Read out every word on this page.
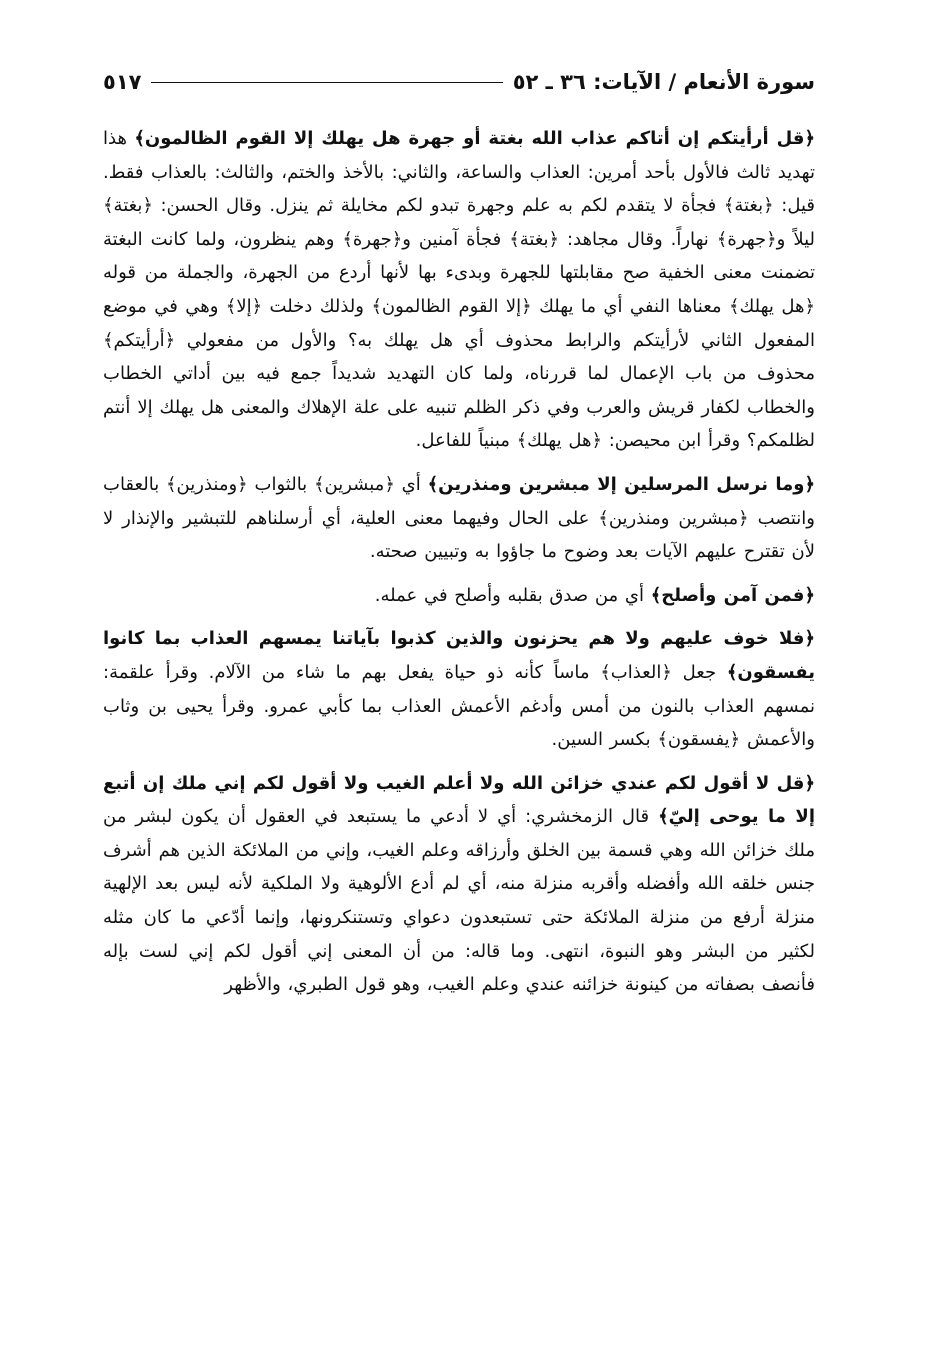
سورة الأنعام / الآيات: ٣٦ ـ ٥٢
٥١٧

﴿قل أرأيتكم إن أتاكم عذاب الله بغتة أو جهرة هل يهلك إلا القوم الظالمون﴾ هذا تهديد ثالث فالأول بأحد أمرين: العذاب والساعة، والثاني: بالأخذ والختم، والثالث: بالعذاب فقط. قيل: ﴿بغتة﴾ فجأة لا يتقدم لكم به علم وجهرة تبدو لكم مخايلة ثم ينزل. وقال الحسن: ﴿بغتة﴾ ليلاً و﴿جهرة﴾ نهاراً. وقال مجاهد: ﴿بغتة﴾ فجأة آمنين و﴿جهرة﴾ وهم ينظرون، ولما كانت البغتة تضمنت معنى الخفية صح مقابلتها للجهرة وبدىء بها لأنها أردع من الجهرة، والجملة من قوله ﴿هل يهلك﴾ معناها النفي أي ما يهلك ﴿إلا القوم الظالمون﴾ ولذلك دخلت ﴿إلا﴾ وهي في موضع المفعول الثاني لأرأيتكم والرابط محذوف أي هل يهلك به؟ والأول من مفعولي ﴿أرأيتكم﴾ محذوف من باب الإعمال لما قررناه، ولما كان التهديد شديداً جمع فيه بين أداتي الخطاب والخطاب لكفار قريش والعرب وفي ذكر الظلم تنبيه على علة الإهلاك والمعنى هل يهلك إلا أنتم لظلمكم؟ وقرأ ابن محيصن: ﴿هل يهلك﴾ مبنياً للفاعل.

﴿وما نرسل المرسلين إلا مبشرين ومنذرين﴾ أي ﴿مبشرين﴾ بالثواب ﴿ومنذرين﴾ بالعقاب وانتصب ﴿مبشرين ومنذرين﴾ على الحال وفيهما معنى العلية، أي أرسلناهم للتبشير والإنذار لا لأن تقترح عليهم الآيات بعد وضوح ما جاؤوا به وتبيين صحته.

﴿فمن آمن وأصلح﴾ أي من صدق بقلبه وأصلح في عمله.

﴿فلا خوف عليهم ولا هم يحزنون والذين كذبوا بآياتنا يمسهم العذاب بما كانوا يفسقون﴾ جعل ﴿العذاب﴾ ماساً كأنه ذو حياة يفعل بهم ما شاء من الآلام. وقرأ علقمة: نمسهم العذاب بالنون من أمس وأدغم الأعمش العذاب بما كأبي عمرو. وقرأ يحيى بن وثاب والأعمش ﴿يفسقون﴾ بكسر السين.

﴿قل لا أقول لكم عندي خزائن الله ولا أعلم الغيب ولا أقول لكم إني ملك إن أتبع إلا ما يوحى إليّ﴾ قال الزمخشري: أي لا أدعي ما يستبعد في العقول أن يكون لبشر من ملك خزائن الله وهي قسمة بين الخلق وأرزاقه وعلم الغيب، وإني من الملائكة الذين هم أشرف جنس خلقه الله وأفضله وأقربه منزلة منه، أي لم أدع الألوهية ولا الملكية لأنه ليس بعد الإلهية منزلة أرفع من منزلة الملائكة حتى تستبعدون دعواي وتستنكرونها، وإنما أدّعي ما كان مثله لكثير من البشر وهو النبوة، انتهى. وما قاله: من أن المعنى إني أقول لكم إني لست بإله فأنصف بصفاته من كينونة خزائنه عندي وعلم الغيب، وهو قول الطبري، والأظهر
